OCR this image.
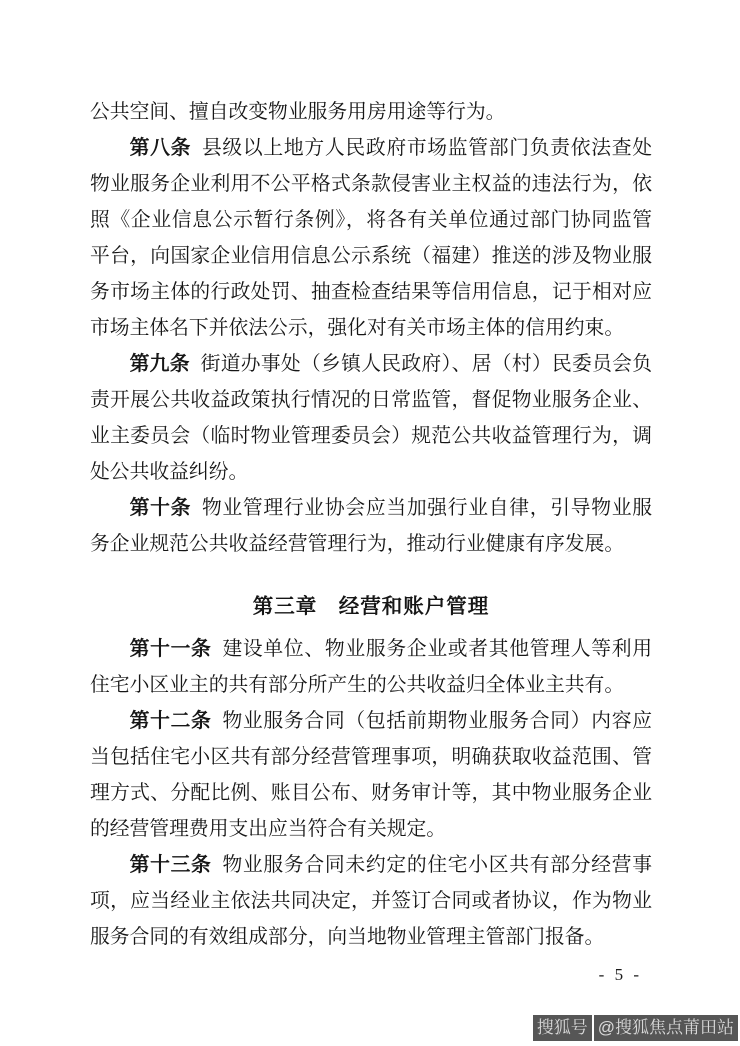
公共空间、擅自改变物业服务用房用途等行为。

第八条 县级以上地方人民政府市场监管部门负责依法查处物业服务企业利用不公平格式条款侵害业主权益的违法行为，依照《企业信息公示暂行条例》，将各有关单位通过部门协同监管平台，向国家企业信用信息公示系统（福建）推送的涉及物业服务市场主体的行政处罚、抽查检查结果等信用信息，记于相对应市场主体名下并依法公示，强化对有关市场主体的信用约束。

第九条 街道办事处（乡镇人民政府）、居（村）民委员会负责开展公共收益政策执行情况的日常监管，督促物业服务企业、业主委员会（临时物业管理委员会）规范公共收益管理行为，调处公共收益纠纷。

第十条 物业管理行业协会应当加强行业自律，引导物业服务企业规范公共收益经营管理行为，推动行业健康有序发展。

第三章　经营和账户管理

第十一条 建设单位、物业服务企业或者其他管理人等利用住宅小区业主的共有部分所产生的公共收益归全体业主共有。

第十二条 物业服务合同（包括前期物业服务合同）内容应当包括住宅小区共有部分经营管理事项，明确获取收益范围、管理方式、分配比例、账目公布、财务审计等，其中物业服务企业的经营管理费用支出应当符合有关规定。

第十三条 物业服务合同未约定的住宅小区共有部分经营事项，应当经业主依法共同决定，并签订合同或者协议，作为物业服务合同的有效组成部分，向当地物业管理主管部门报备。

- 5 -
搜狐号 @搜狐焦点莆田站
